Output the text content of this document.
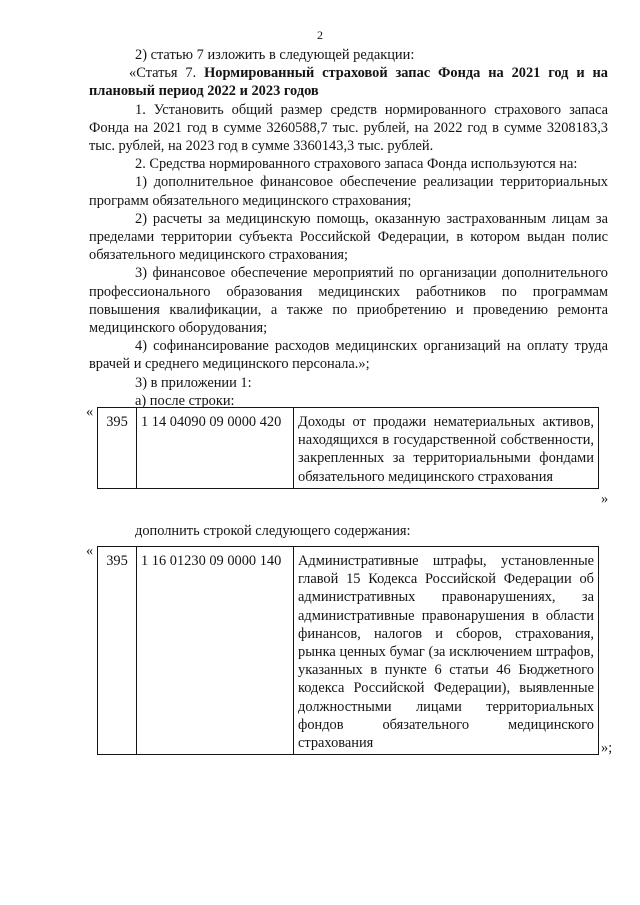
2

2) статью 7 изложить в следующей редакции:

«Статья 7. Нормированный страховой запас Фонда на 2021 год и на плановый период 2022 и 2023 годов

1. Установить общий размер средств нормированного страхового запаса Фонда на 2021 год в сумме 3260588,7 тыс. рублей, на 2022 год в сумме 3208183,3 тыс. рублей, на 2023 год в сумме 3360143,3 тыс. рублей.

2. Средства нормированного страхового запаса Фонда используются на:

1) дополнительное финансовое обеспечение реализации территориальных программ обязательного медицинского страхования;

2) расчеты за медицинскую помощь, оказанную застрахованным лицам за пределами территории субъекта Российской Федерации, в котором выдан полис обязательного медицинского страхования;

3) финансовое обеспечение мероприятий по организации дополнительного профессионального образования медицинских работников по программам повышения квалификации, а также по приобретению и проведению ремонта медицинского оборудования;

4) софинансирование расходов медицинских организаций на оплату труда врачей и среднего медицинского персонала.»;

3) в приложении 1:

а) после строки:

«
395	1 14 04090 09 0000 420	Доходы от продажи нематериальных активов, находящихся в государственной собственности, закрепленных за территориальными фондами обязательного медицинского страхования
»
дополнить строкой следующего содержания:
«
395	1 16 01230 09 0000 140	Административные штрафы, установленные главой 15 Кодекса Российской Федерации об административных правонарушениях, за административные правонарушения в области финансов, налогов и сборов, страхования, рынка ценных бумаг (за исключением штрафов, указанных в пункте 6 статьи 46 Бюджетного кодекса Российской Федерации), выявленные должностными лицами территориальных фондов обязательного медицинского страхования	»;
